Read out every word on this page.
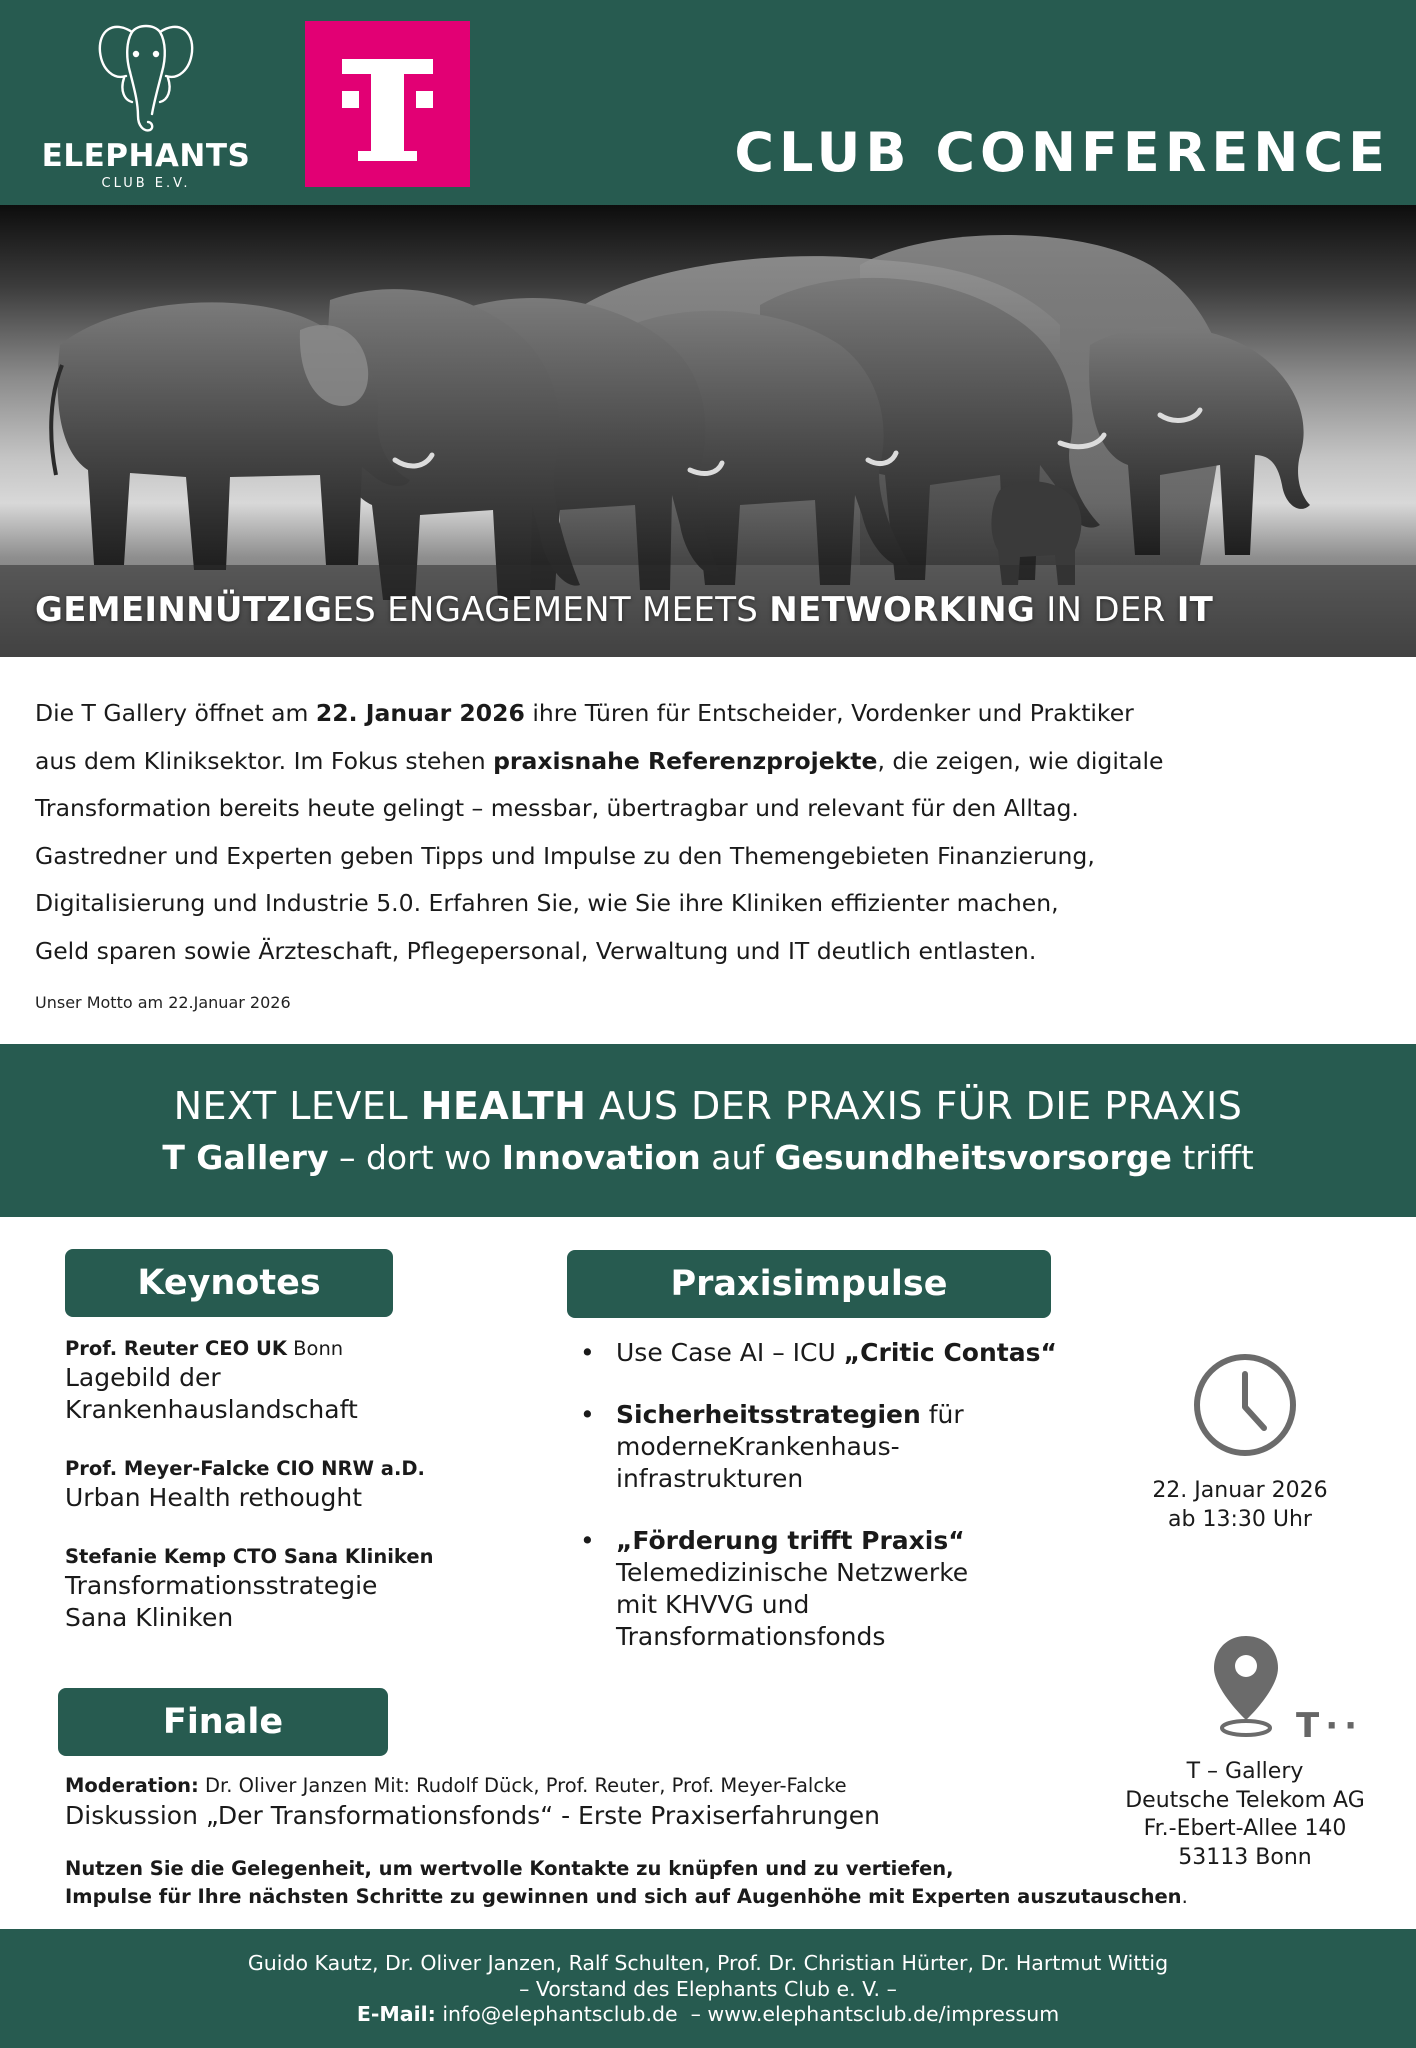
ELEPHANTS
CLUB E.V.	CLUB CONFERENCE
GEMEINNÜTZIGES ENGAGEMENT MEETS NETWORKING IN DER IT

Die T Gallery öffnet am 22. Januar 2026 ihre Türen für Entscheider, Vordenker und Praktiker

aus dem Kliniksektor. Im Fokus stehen praxisnahe Referenzprojekte, die zeigen, wie digitale

Transformation bereits heute gelingt – messbar, übertragbar und relevant für den Alltag.

Gastredner und Experten geben Tipps und Impulse zu den Themengebieten Finanzierung,

Digitalisierung und Industrie 5.0. Erfahren Sie, wie Sie ihre Kliniken effizienter machen,

Geld sparen sowie Ärzteschaft, Pflegepersonal, Verwaltung und IT deutlich entlasten.

Unser Motto am 22.Januar 2026
NEXT LEVEL HEALTH AUS DER PRAXIS FÜR DIE PRAXIS
T Gallery – dort wo Innovation auf Gesundheitsvorsorge trifft
Keynotes
Prof. Reuter CEO UK Bonn
Lagebild der
Krankenhauslandschaft
Prof. Meyer-Falcke CIO NRW a.D.
Urban Health rethought
Stefanie Kemp CTO Sana Kliniken
Transformationsstrategie
Sana Kliniken
Praxisimpulse
• Use Case AI – ICU „Critic Contas“
• Sicherheitsstrategien für
moderneKrankenhaus-
infrastrukturen
• „Förderung trifft Praxis“
Telemedizinische Netzwerke
mit KHVVG und
Transformationsfonds
22. Januar 2026
ab 13:30 Uhr
T··
T – Gallery
Deutsche Telekom AG
Fr.-Ebert-Allee 140
53113 Bonn
Finale
Moderation: Dr. Oliver Janzen Mit: Rudolf Dück, Prof. Reuter, Prof. Meyer-Falcke
Diskussion „Der Transformationsfonds“ - Erste Praxiserfahrungen

Nutzen Sie die Gelegenheit, um wertvolle Kontakte zu knüpfen und zu vertiefen,

Impulse für Ihre nächsten Schritte zu gewinnen und sich auf Augenhöhe mit Experten auszutauschen.

Guido Kautz, Dr. Oliver Janzen, Ralf Schulten, Prof. Dr. Christian Hürter, Dr. Hartmut Wittig
– Vorstand des Elephants Club e. V. –
E-Mail: info@elephantsclub.de  – www.elephantsclub.de/impressum
